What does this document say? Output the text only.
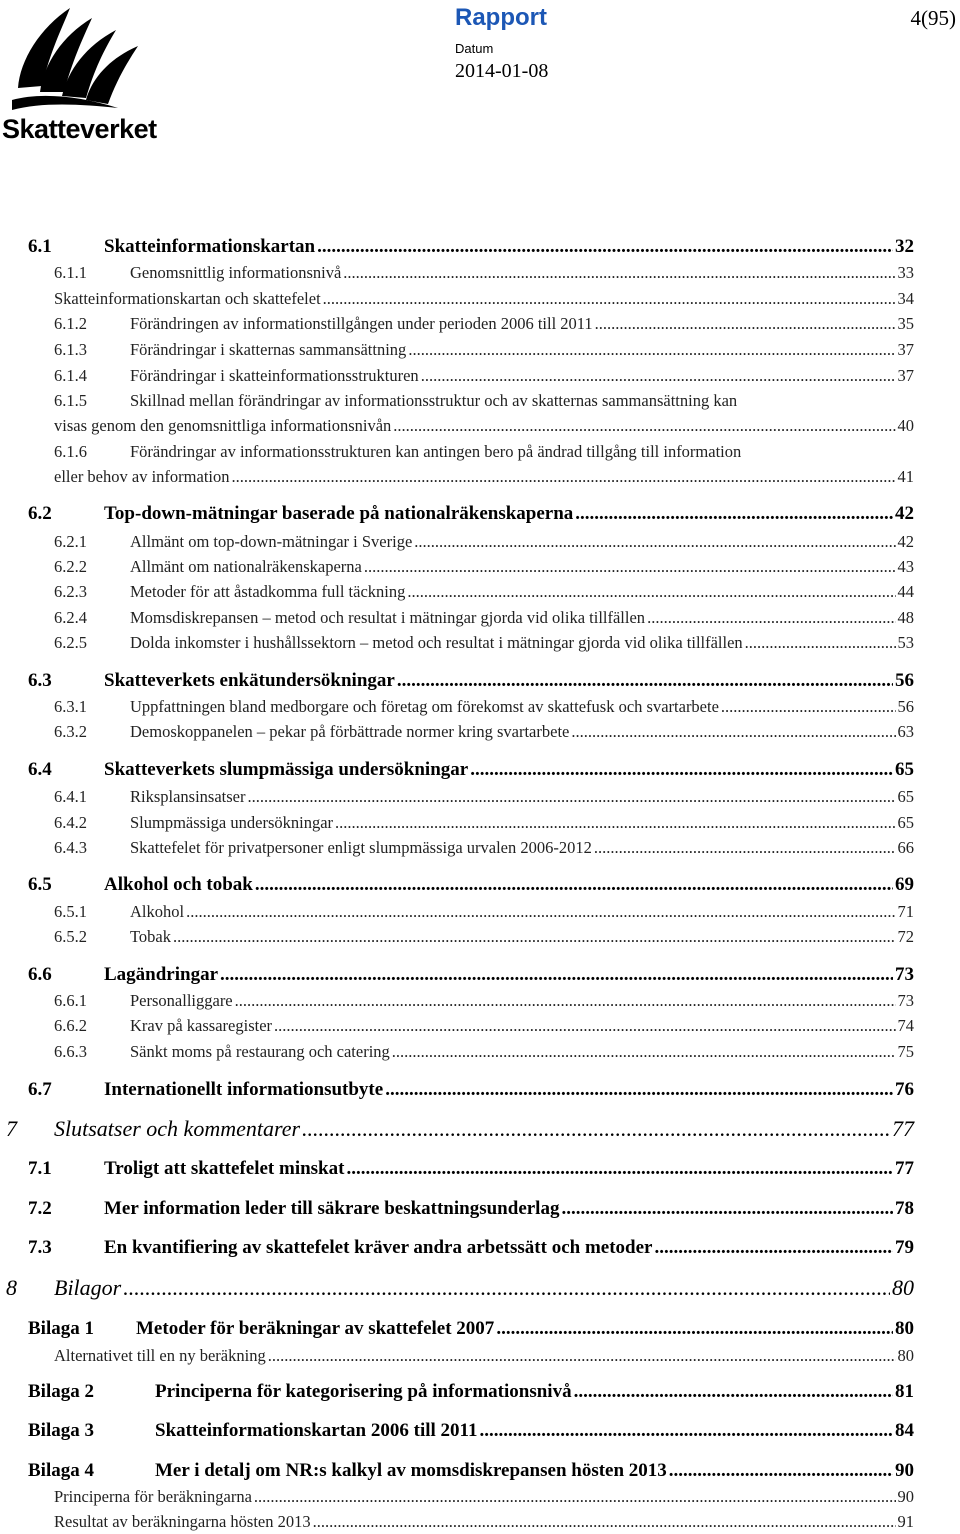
Skatteverket
Rapport	4(95)
Datum
2014-01-08
6.1	Skatteinformationskartan .....	32
6.1.1	Genomsnittlig informationsnivå .....	33
Skatteinformationskartan och skattefelet .....	34
6.1.2	Förändringen av informationstillgången under perioden 2006 till 2011 .....	35
6.1.3	Förändringar i skatternas sammansättning .....	37
6.1.4	Förändringar i skatteinformationsstrukturen .....	37
6.1.5	Skillnad mellan förändringar av informationsstruktur och av skatternas sammansättning kan
visas genom den genomsnittliga informationsnivån .....	40
6.1.6	Förändringar av informationsstrukturen kan antingen bero på ändrad tillgång till information
eller behov av information .....	41
6.2	Top-down-mätningar baserade på nationalräkenskaperna .....	42
6.2.1	Allmänt om top-down-mätningar i Sverige .....	42
6.2.2	Allmänt om nationalräkenskaperna .....	43
6.2.3	Metoder för att åstadkomma full täckning .....	44
6.2.4	Momsdiskrepansen – metod och resultat i mätningar gjorda vid olika tillfällen .....	48
6.2.5	Dolda inkomster i hushållssektorn – metod och resultat i mätningar gjorda vid olika tillfällen .....	53
6.3	Skatteverkets enkätundersökningar .....	56
6.3.1	Uppfattningen bland medborgare och företag om förekomst av skattefusk och svartarbete .....	56
6.3.2	Demoskoppanelen – pekar på förbättrade normer kring svartarbete .....	63
6.4	Skatteverkets slumpmässiga undersökningar .....	65
6.4.1	Riksplansinsatser .....	65
6.4.2	Slumpmässiga undersökningar .....	65
6.4.3	Skattefelet för privatpersoner enligt slumpmässiga urvalen 2006-2012 .....	66
6.5	Alkohol och tobak .....	69
6.5.1	Alkohol .....	71
6.5.2	Tobak .....	72
6.6	Lagändringar .....	73
6.6.1	Personalliggare .....	73
6.6.2	Krav på kassaregister .....	74
6.6.3	Sänkt moms på restaurang och catering .....	75
6.7	Internationellt informationsutbyte .....	76
7	Slutsatser och kommentarer .....	77
7.1	Troligt att skattefelet minskat .....	77
7.2	Mer information leder till säkrare beskattningsunderlag .....	78
7.3	En kvantifiering av skattefelet kräver andra arbetssätt och metoder .....	79
8	Bilagor .....	80
Bilaga 1	Metoder för beräkningar av skattefelet 2007 .....	80
Alternativet till en ny beräkning .....	80
Bilaga 2	Principerna för kategorisering på informationsnivå .....	81
Bilaga 3	Skatteinformationskartan 2006 till 2011 .....	84
Bilaga 4	Mer i detalj om NR:s kalkyl av momsdiskrepansen hösten 2013 .....	90
Principerna för beräkningarna .....	90
Resultat av beräkningarna hösten 2013 .....	91
